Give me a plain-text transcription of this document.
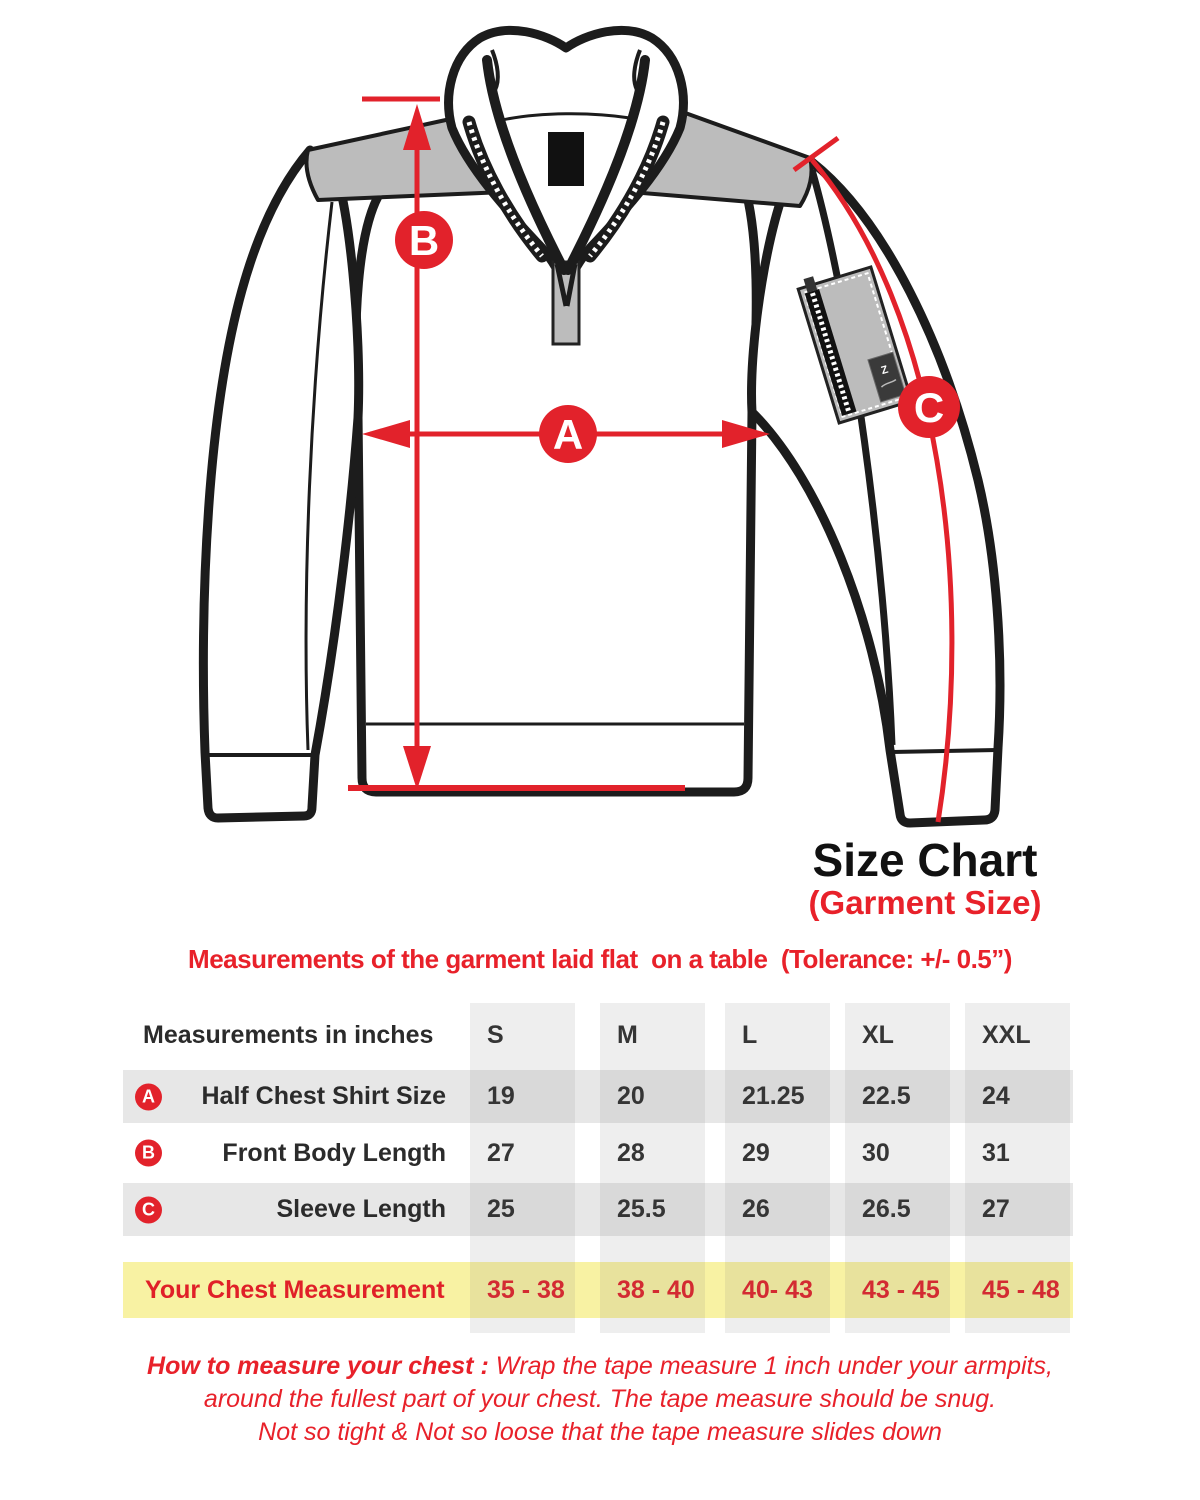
Z
A
B
C
Size Chart
(Garment Size)
Measurements of the garment laid flat  on a table  (Tolerance: +/- 0.5”)
Measurements in inches	S	M	L	XL	XXL
Half Chest Shirt Size	19	20	21.25	22.5	24
A
Front Body Length	27	28	29	30	31
B
Sleeve Length	25	25.5	26	26.5	27
C
Your Chest Measurement	35 - 38	38 - 40	40- 43	43 - 45	45 - 48
How to measure your chest : Wrap the tape measure 1 inch under your armpits,
around the fullest part of your chest. The tape measure should be snug.
Not so tight & Not so loose that the tape measure slides down
